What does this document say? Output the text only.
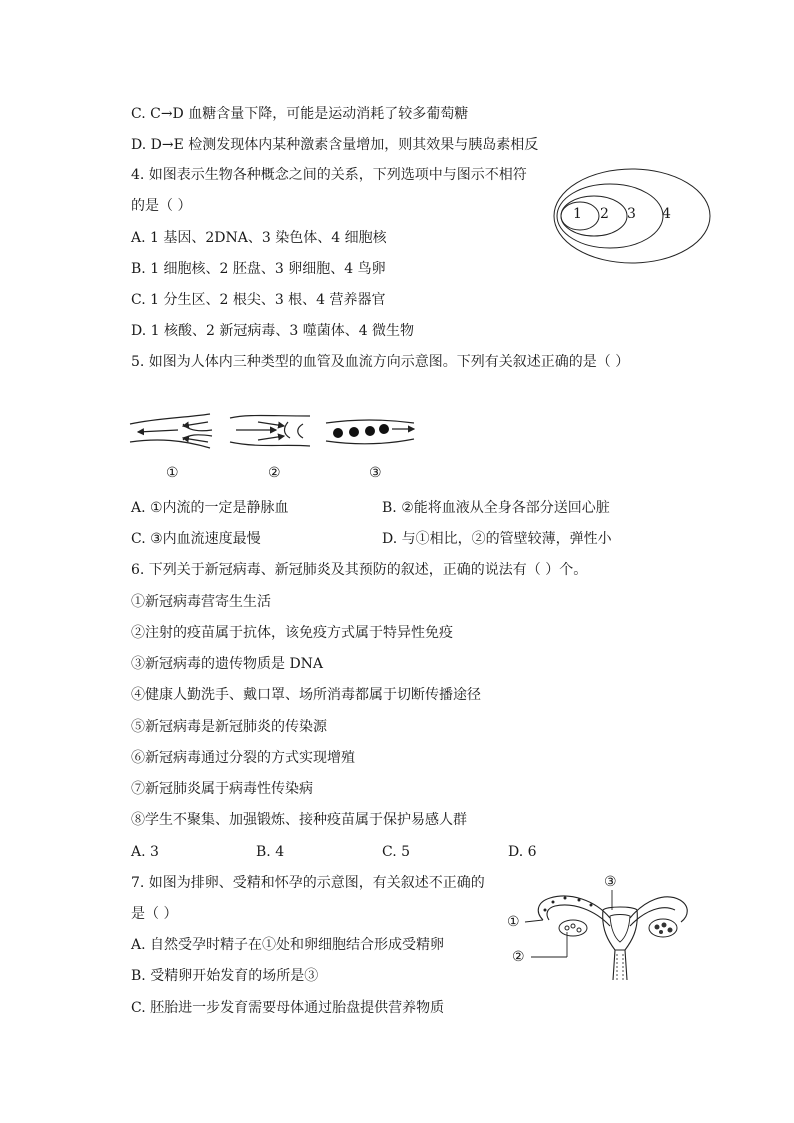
C. C→D 血糖含量下降，可能是运动消耗了较多葡萄糖
D. D→E 检测发现体内某种激素含量增加，则其效果与胰岛素相反
4. 如图表示生物各种概念之间的关系，下列选项中与图示不相符
的是（ ）
A. 1 基因、2DNA、3 染色体、4 细胞核
B. 1 细胞核、2 胚盘、3 卵细胞、4 鸟卵
C. 1 分生区、2 根尖、3 根、4 营养器官
D. 1 核酸、2 新冠病毒、3 噬菌体、4 微生物
1 2 3 4
5. 如图为人体内三种类型的血管及血流方向示意图。下列有关叙述正确的是（ ）
①	②	③
A. ①内流的一定是静脉血	B. ②能将血液从全身各部分送回心脏
C. ③内血流速度最慢	D. 与①相比，②的管壁较薄，弹性小
6. 下列关于新冠病毒、新冠肺炎及其预防的叙述，正确的说法有（ ）个。
①新冠病毒营寄生生活
②注射的疫苗属于抗体，该免疫方式属于特异性免疫
③新冠病毒的遗传物质是 DNA
④健康人勤洗手、戴口罩、场所消毒都属于切断传播途径
⑤新冠病毒是新冠肺炎的传染源
⑥新冠病毒通过分裂的方式实现增殖
⑦新冠肺炎属于病毒性传染病
⑧学生不聚集、加强锻炼、接种疫苗属于保护易感人群
A. 3	B. 4	C. 5	D. 6
7. 如图为排卵、受精和怀孕的示意图，有关叙述不正确的
是（ ）
A. 自然受孕时精子在①处和卵细胞结合形成受精卵
B. 受精卵开始发育的场所是③
C. 胚胎进一步发育需要母体通过胎盘提供营养物质
①
②
③
